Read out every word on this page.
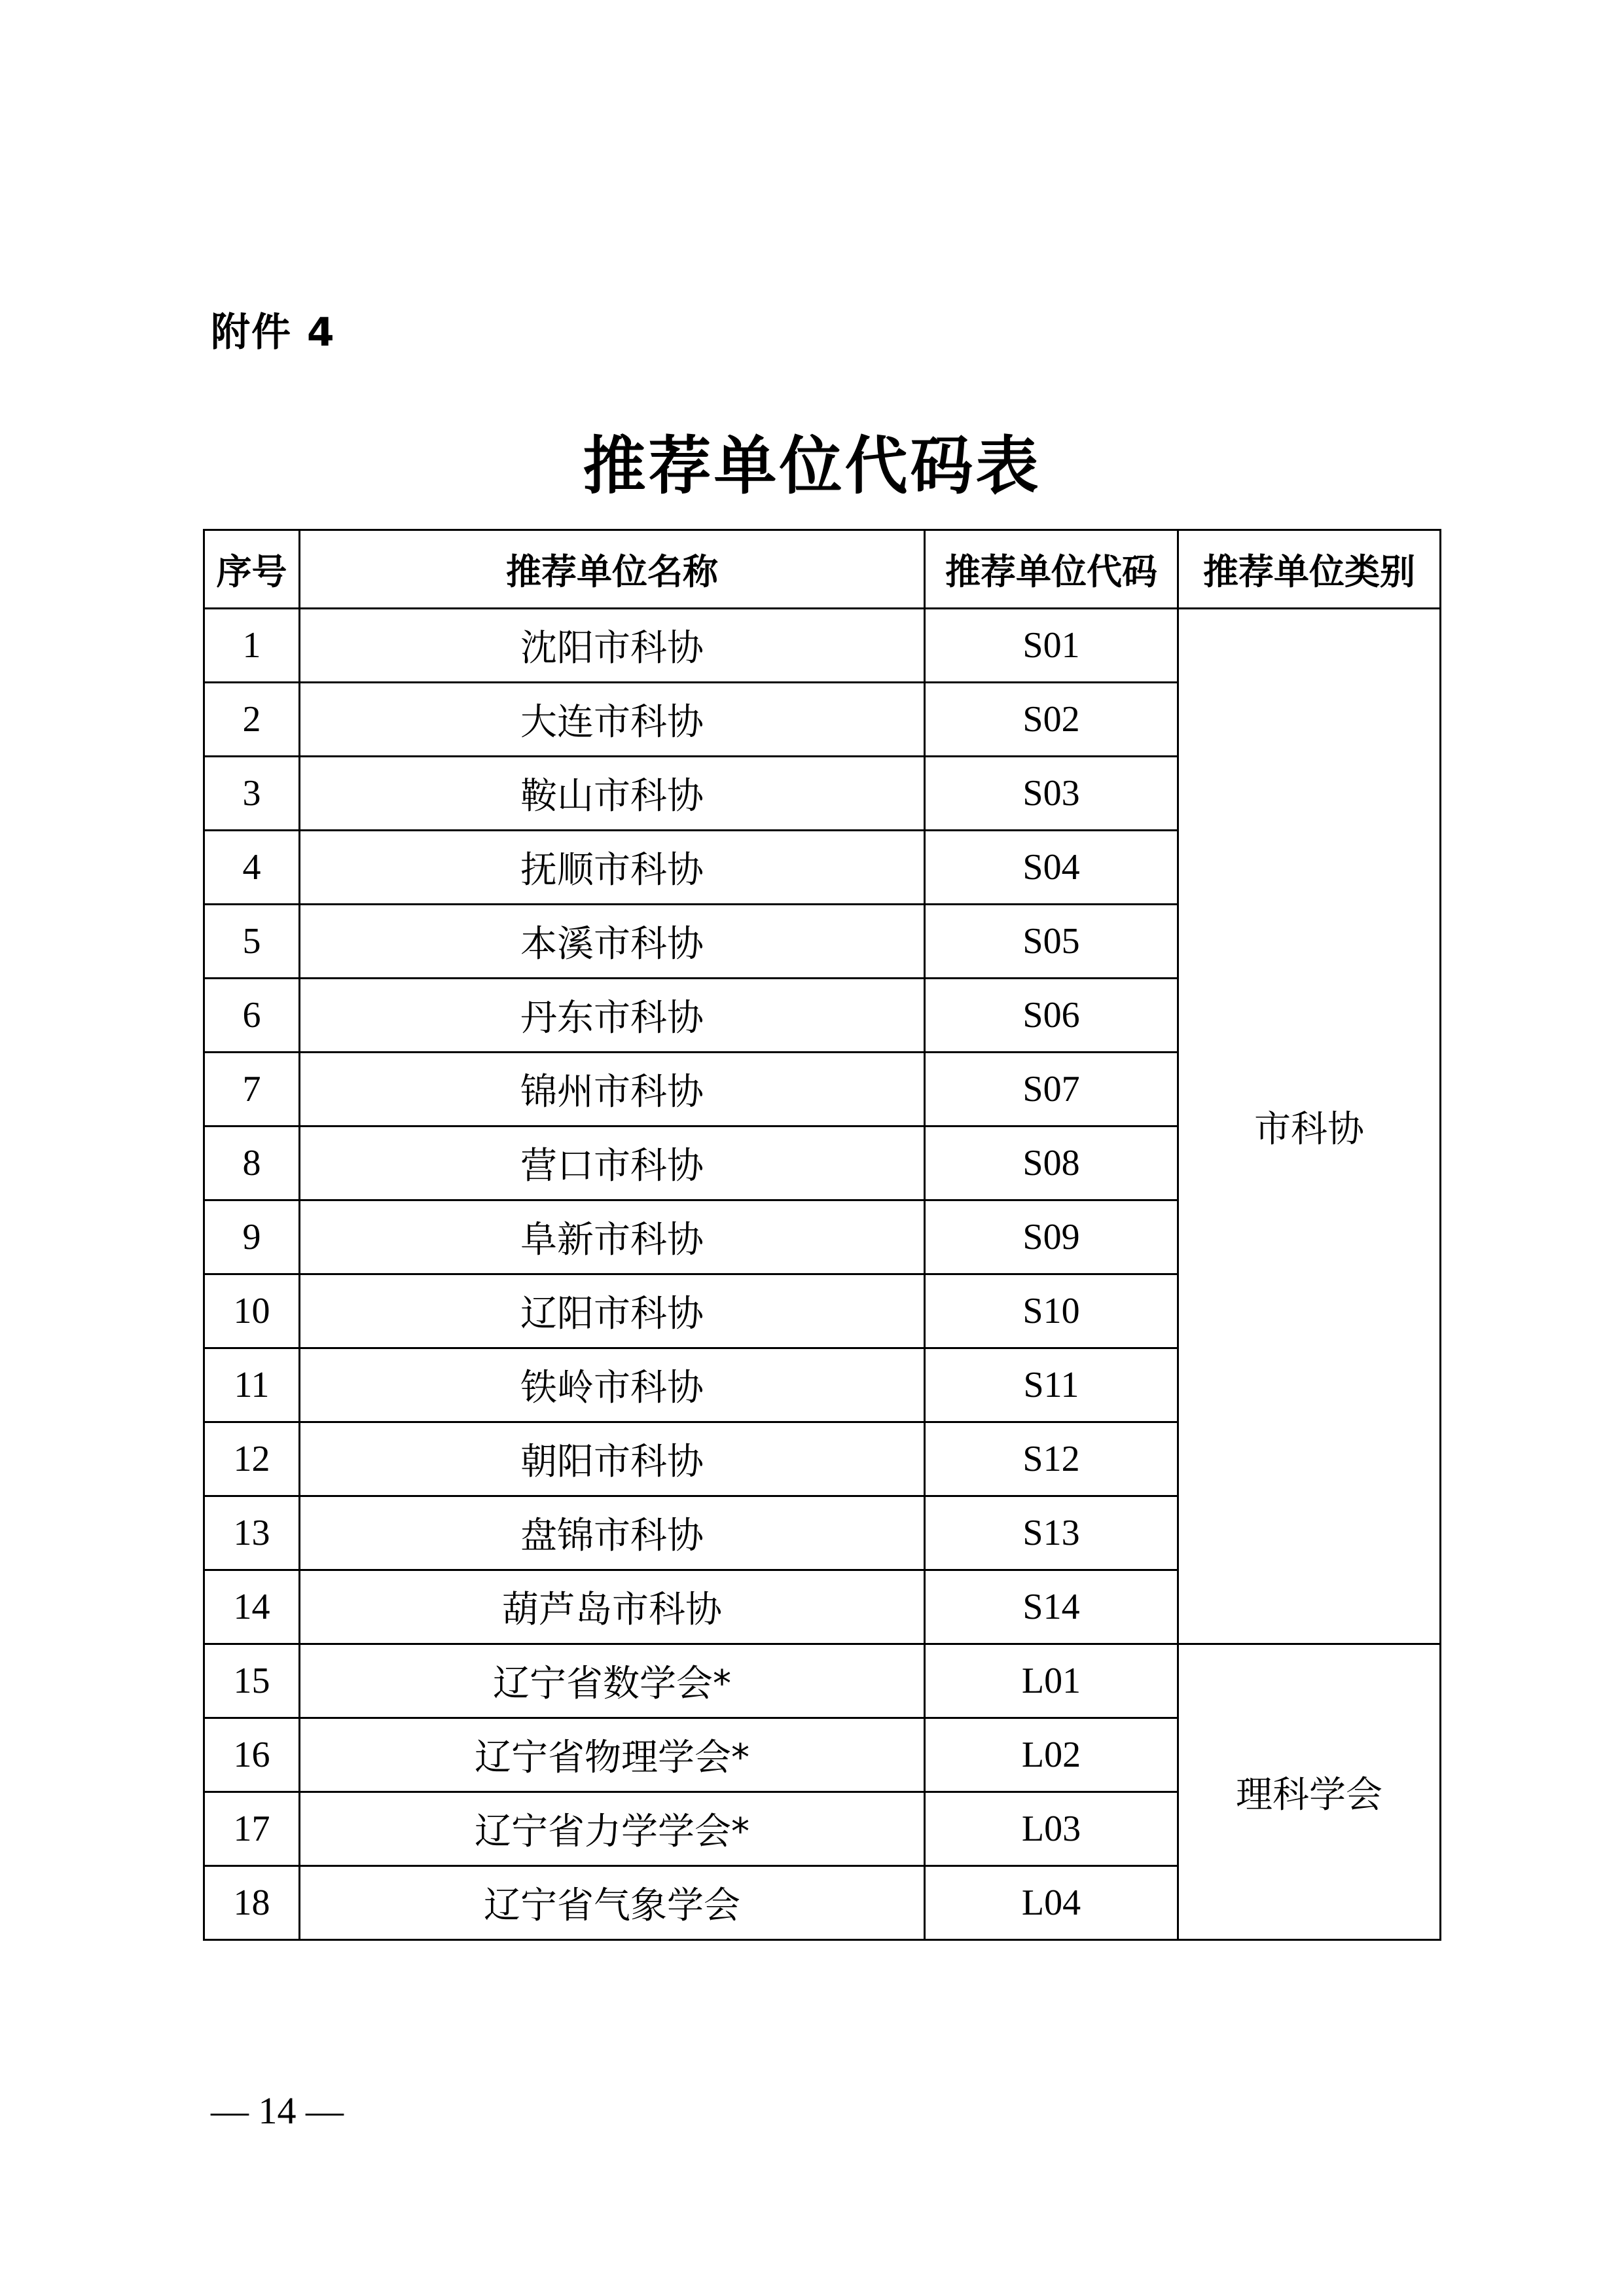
附件 4
推荐单位代码表
序号	推荐单位名称	推荐单位代码	推荐单位类别
1	沈阳市科协	S01	市科协
2	大连市科协	S02	
3	鞍山市科协	S03	
4	抚顺市科协	S04	
5	本溪市科协	S05	
6	丹东市科协	S06	
7	锦州市科协	S07	
8	营口市科协	S08	
9	阜新市科协	S09	
10	辽阳市科协	S10	
11	铁岭市科协	S11	
12	朝阳市科协	S12	
13	盘锦市科协	S13	
14	葫芦岛市科协	S14	
15	辽宁省数学会*	L01	理科学会
16	辽宁省物理学会*	L02	
17	辽宁省力学学会*	L03	
18	辽宁省气象学会	L04	
— 14 —
